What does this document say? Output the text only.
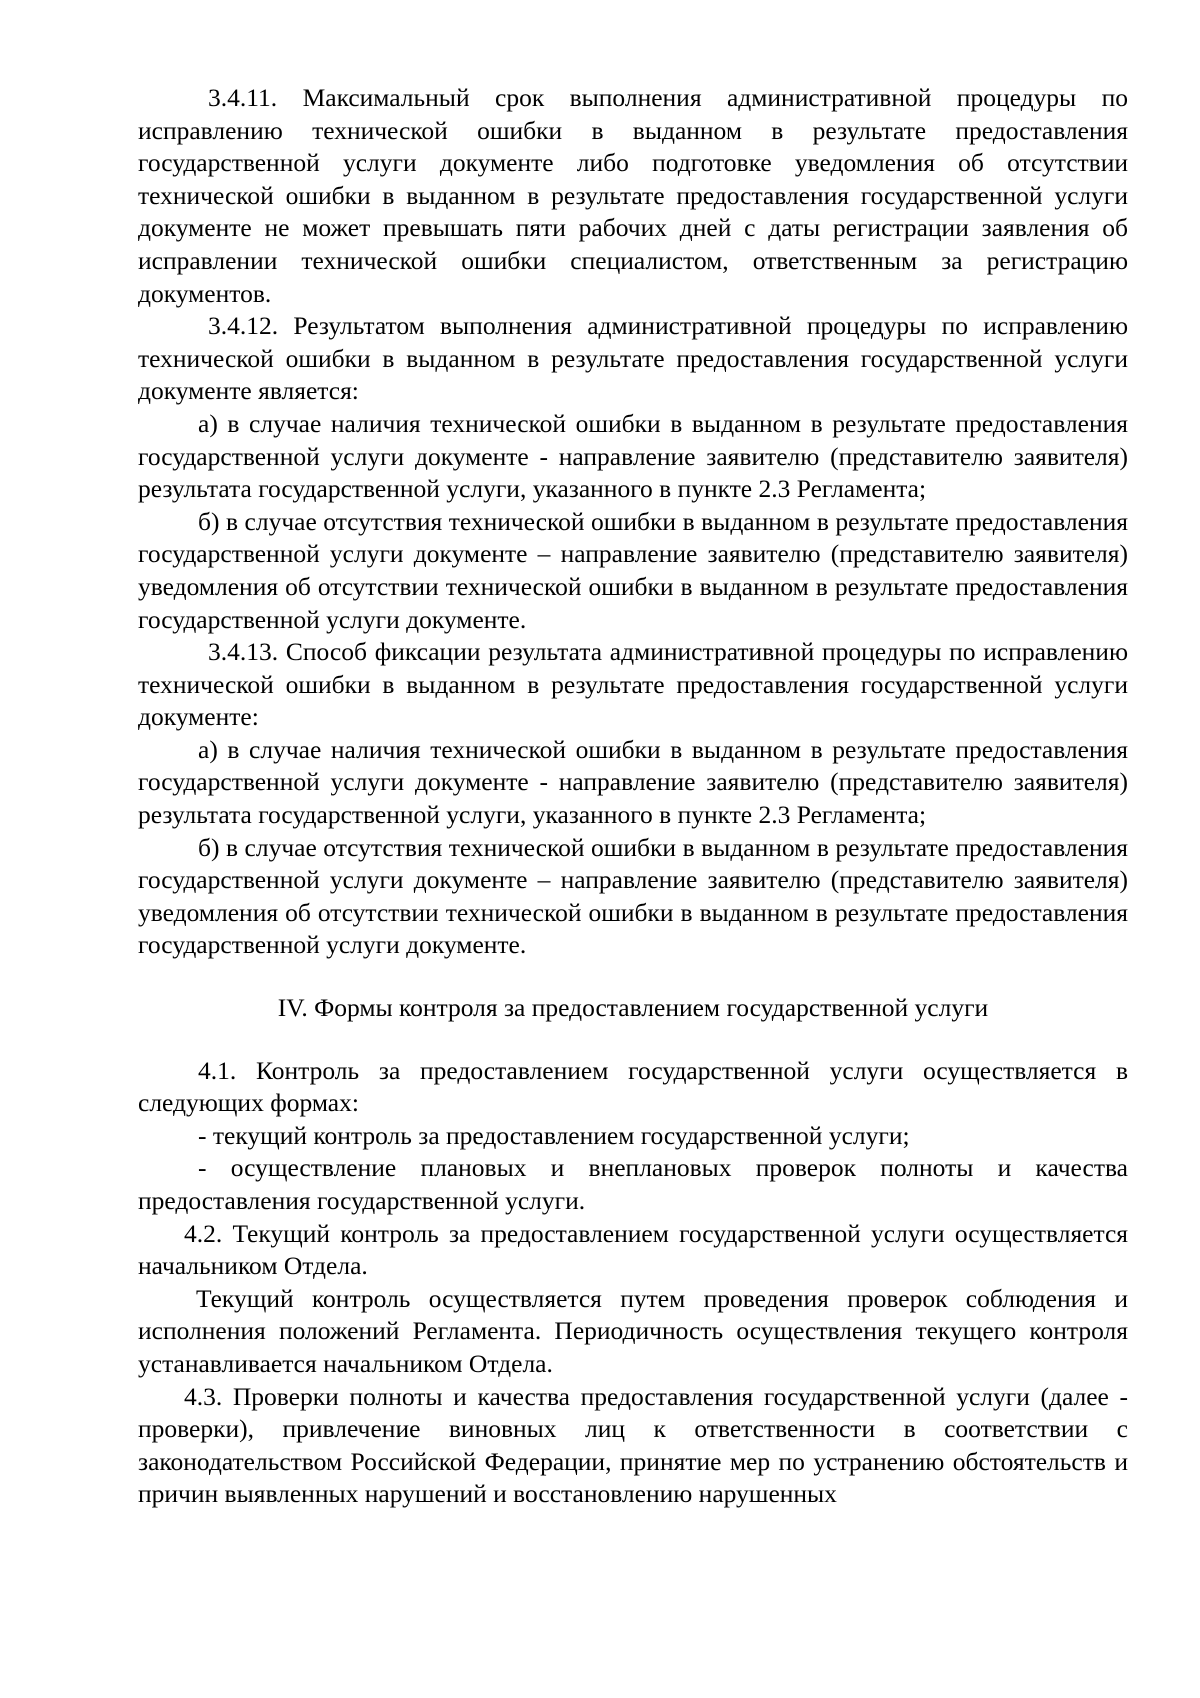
3.4.11. Максимальный срок выполнения административной процедуры по исправлению технической ошибки в выданном в результате предоставления государственной услуги документе либо подготовке уведомления об отсутствии технической ошибки в выданном в результате предоставления государственной услуги документе не может превышать пяти рабочих дней с даты регистрации заявления об исправлении технической ошибки специалистом, ответственным за регистрацию документов.

3.4.12. Результатом выполнения административной процедуры по исправлению технической ошибки в выданном в результате предоставления государственной услуги документе является:

а) в случае наличия технической ошибки в выданном в результате предоставления государственной услуги документе - направление заявителю (представителю заявителя) результата государственной услуги, указанного в пункте 2.3 Регламента;

б) в случае отсутствия технической ошибки в выданном в результате предоставления государственной услуги документе – направление заявителю (представителю заявителя) уведомления об отсутствии технической ошибки в выданном в результате предоставления государственной услуги документе.

3.4.13. Способ фиксации результата административной процедуры по исправлению технической ошибки в выданном в результате предоставления государственной услуги документе:

а) в случае наличия технической ошибки в выданном в результате предоставления государственной услуги документе - направление заявителю (представителю заявителя) результата государственной услуги, указанного в пункте 2.3 Регламента;

б) в случае отсутствия технической ошибки в выданном в результате предоставления государственной услуги документе – направление заявителю (представителю заявителя) уведомления об отсутствии технической ошибки в выданном в результате предоставления государственной услуги документе.

IV. Формы контроля за предоставлением государственной услуги

4.1. Контроль за предоставлением государственной услуги осуществляется в следующих формах:

- текущий контроль за предоставлением государственной услуги;

- осуществление плановых и внеплановых проверок полноты и качества предоставления государственной услуги.

4.2. Текущий контроль за предоставлением государственной услуги осуществляется начальником Отдела.

Текущий контроль осуществляется путем проведения проверок соблюдения и исполнения положений Регламента. Периодичность осуществления текущего контроля устанавливается начальником Отдела.

4.3. Проверки полноты и качества предоставления государственной услуги (далее - проверки), привлечение виновных лиц к ответственности в соответствии с законодательством Российской Федерации, принятие мер по устранению обстоятельств и причин выявленных нарушений и восстановлению нарушенных
